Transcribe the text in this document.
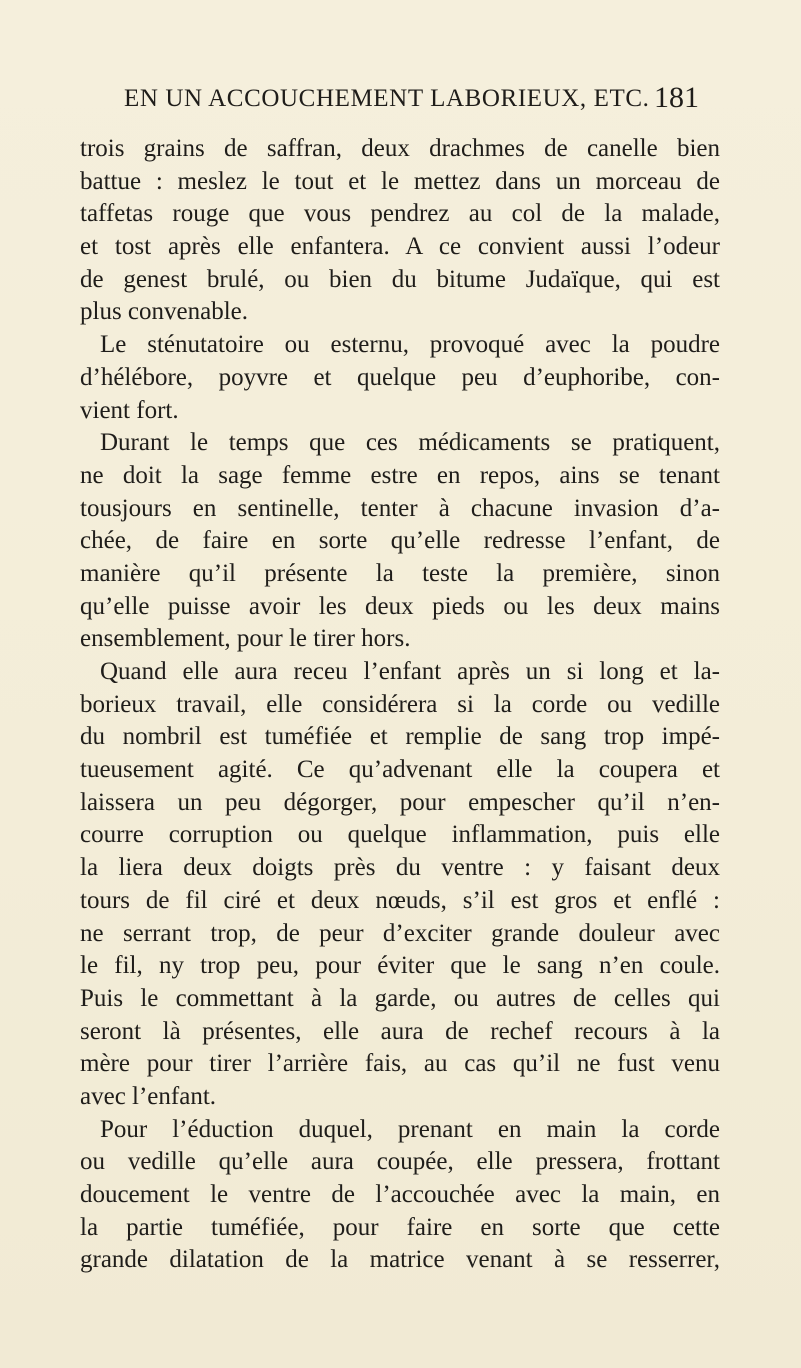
EN UN ACCOUCHEMENT LABORIEUX, ETC. 181
trois grains de saffran, deux drachmes de canelle bien
battue : meslez le tout et le mettez dans un morceau de
taffetas rouge que vous pendrez au col de la malade,
et tost après elle enfantera. A ce convient aussi l’odeur
de genest brulé, ou bien du bitume Judaïque, qui est
plus convenable.
Le sténutatoire ou esternu, provoqué avec la poudre
d’hélébore, poyvre et quelque peu d’euphoribe, con-
vient fort.
Durant le temps que ces médicaments se pratiquent,
ne doit la sage femme estre en repos, ains se tenant
tousjours en sentinelle, tenter à chacune invasion d’a-
chée, de faire en sorte qu’elle redresse l’enfant, de
manière qu’il présente la teste la première, sinon
qu’elle puisse avoir les deux pieds ou les deux mains
ensemblement, pour le tirer hors.
Quand elle aura receu l’enfant après un si long et la-
borieux travail, elle considérera si la corde ou vedille
du nombril est tuméfiée et remplie de sang trop impé-
tueusement agité. Ce qu’advenant elle la coupera et
laissera un peu dégorger, pour empescher qu’il n’en-
courre corruption ou quelque inflammation, puis elle
la liera deux doigts près du ventre : y faisant deux
tours de fil ciré et deux nœuds, s’il est gros et enflé :
ne serrant trop, de peur d’exciter grande douleur avec
le fil, ny trop peu, pour éviter que le sang n’en coule.
Puis le commettant à la garde, ou autres de celles qui
seront là présentes, elle aura de rechef recours à la
mère pour tirer l’arrière fais, au cas qu’il ne fust venu
avec l’enfant.
Pour l’éduction duquel, prenant en main la corde
ou vedille qu’elle aura coupée, elle pressera, frottant
doucement le ventre de l’accouchée avec la main, en
la partie tuméfiée, pour faire en sorte que cette
grande dilatation de la matrice venant à se resserrer,
